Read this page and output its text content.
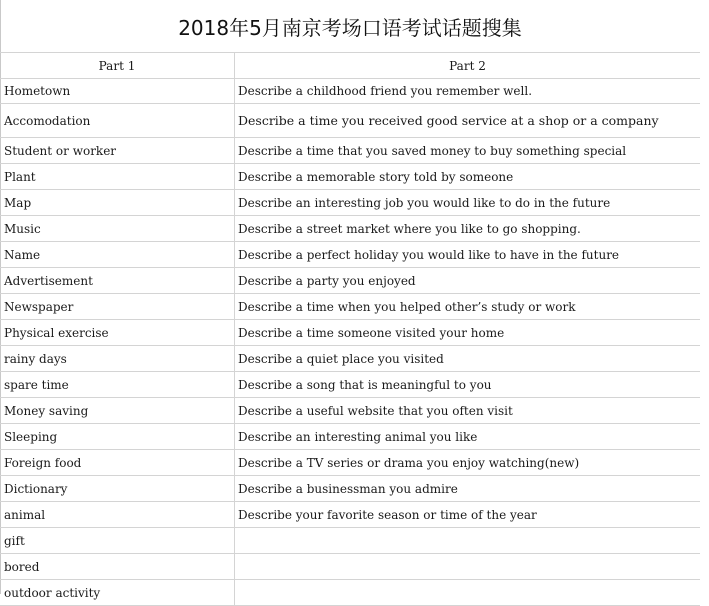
2018年5月南京考场口语考试话题搜集
Part 1	Part 2
Hometown	Describe a childhood friend you remember well.
Accomodation	Describe a time you received good service at a shop or a company
Student or worker	Describe a time that you saved money to buy something special
Plant	Describe a memorable story told by someone
Map	Describe an interesting job you would like to do in the future
Music	Describe a street market where you like to go shopping.
Name	Describe a perfect holiday you would like to have in the future
Advertisement	Describe a party you enjoyed
Newspaper	Describe a time when you helped other’s study or work
Physical exercise	Describe a time someone visited your home
rainy days	Describe a quiet place you visited
spare time	Describe a song that is meaningful to you
Money saving	Describe a useful website that you often visit
Sleeping	Describe an interesting animal you like
Foreign food	Describe a TV series or drama you enjoy watching(new)
Dictionary	Describe a businessman you admire
animal	Describe your favorite season or time of the year
gift
bored
outdoor activity
